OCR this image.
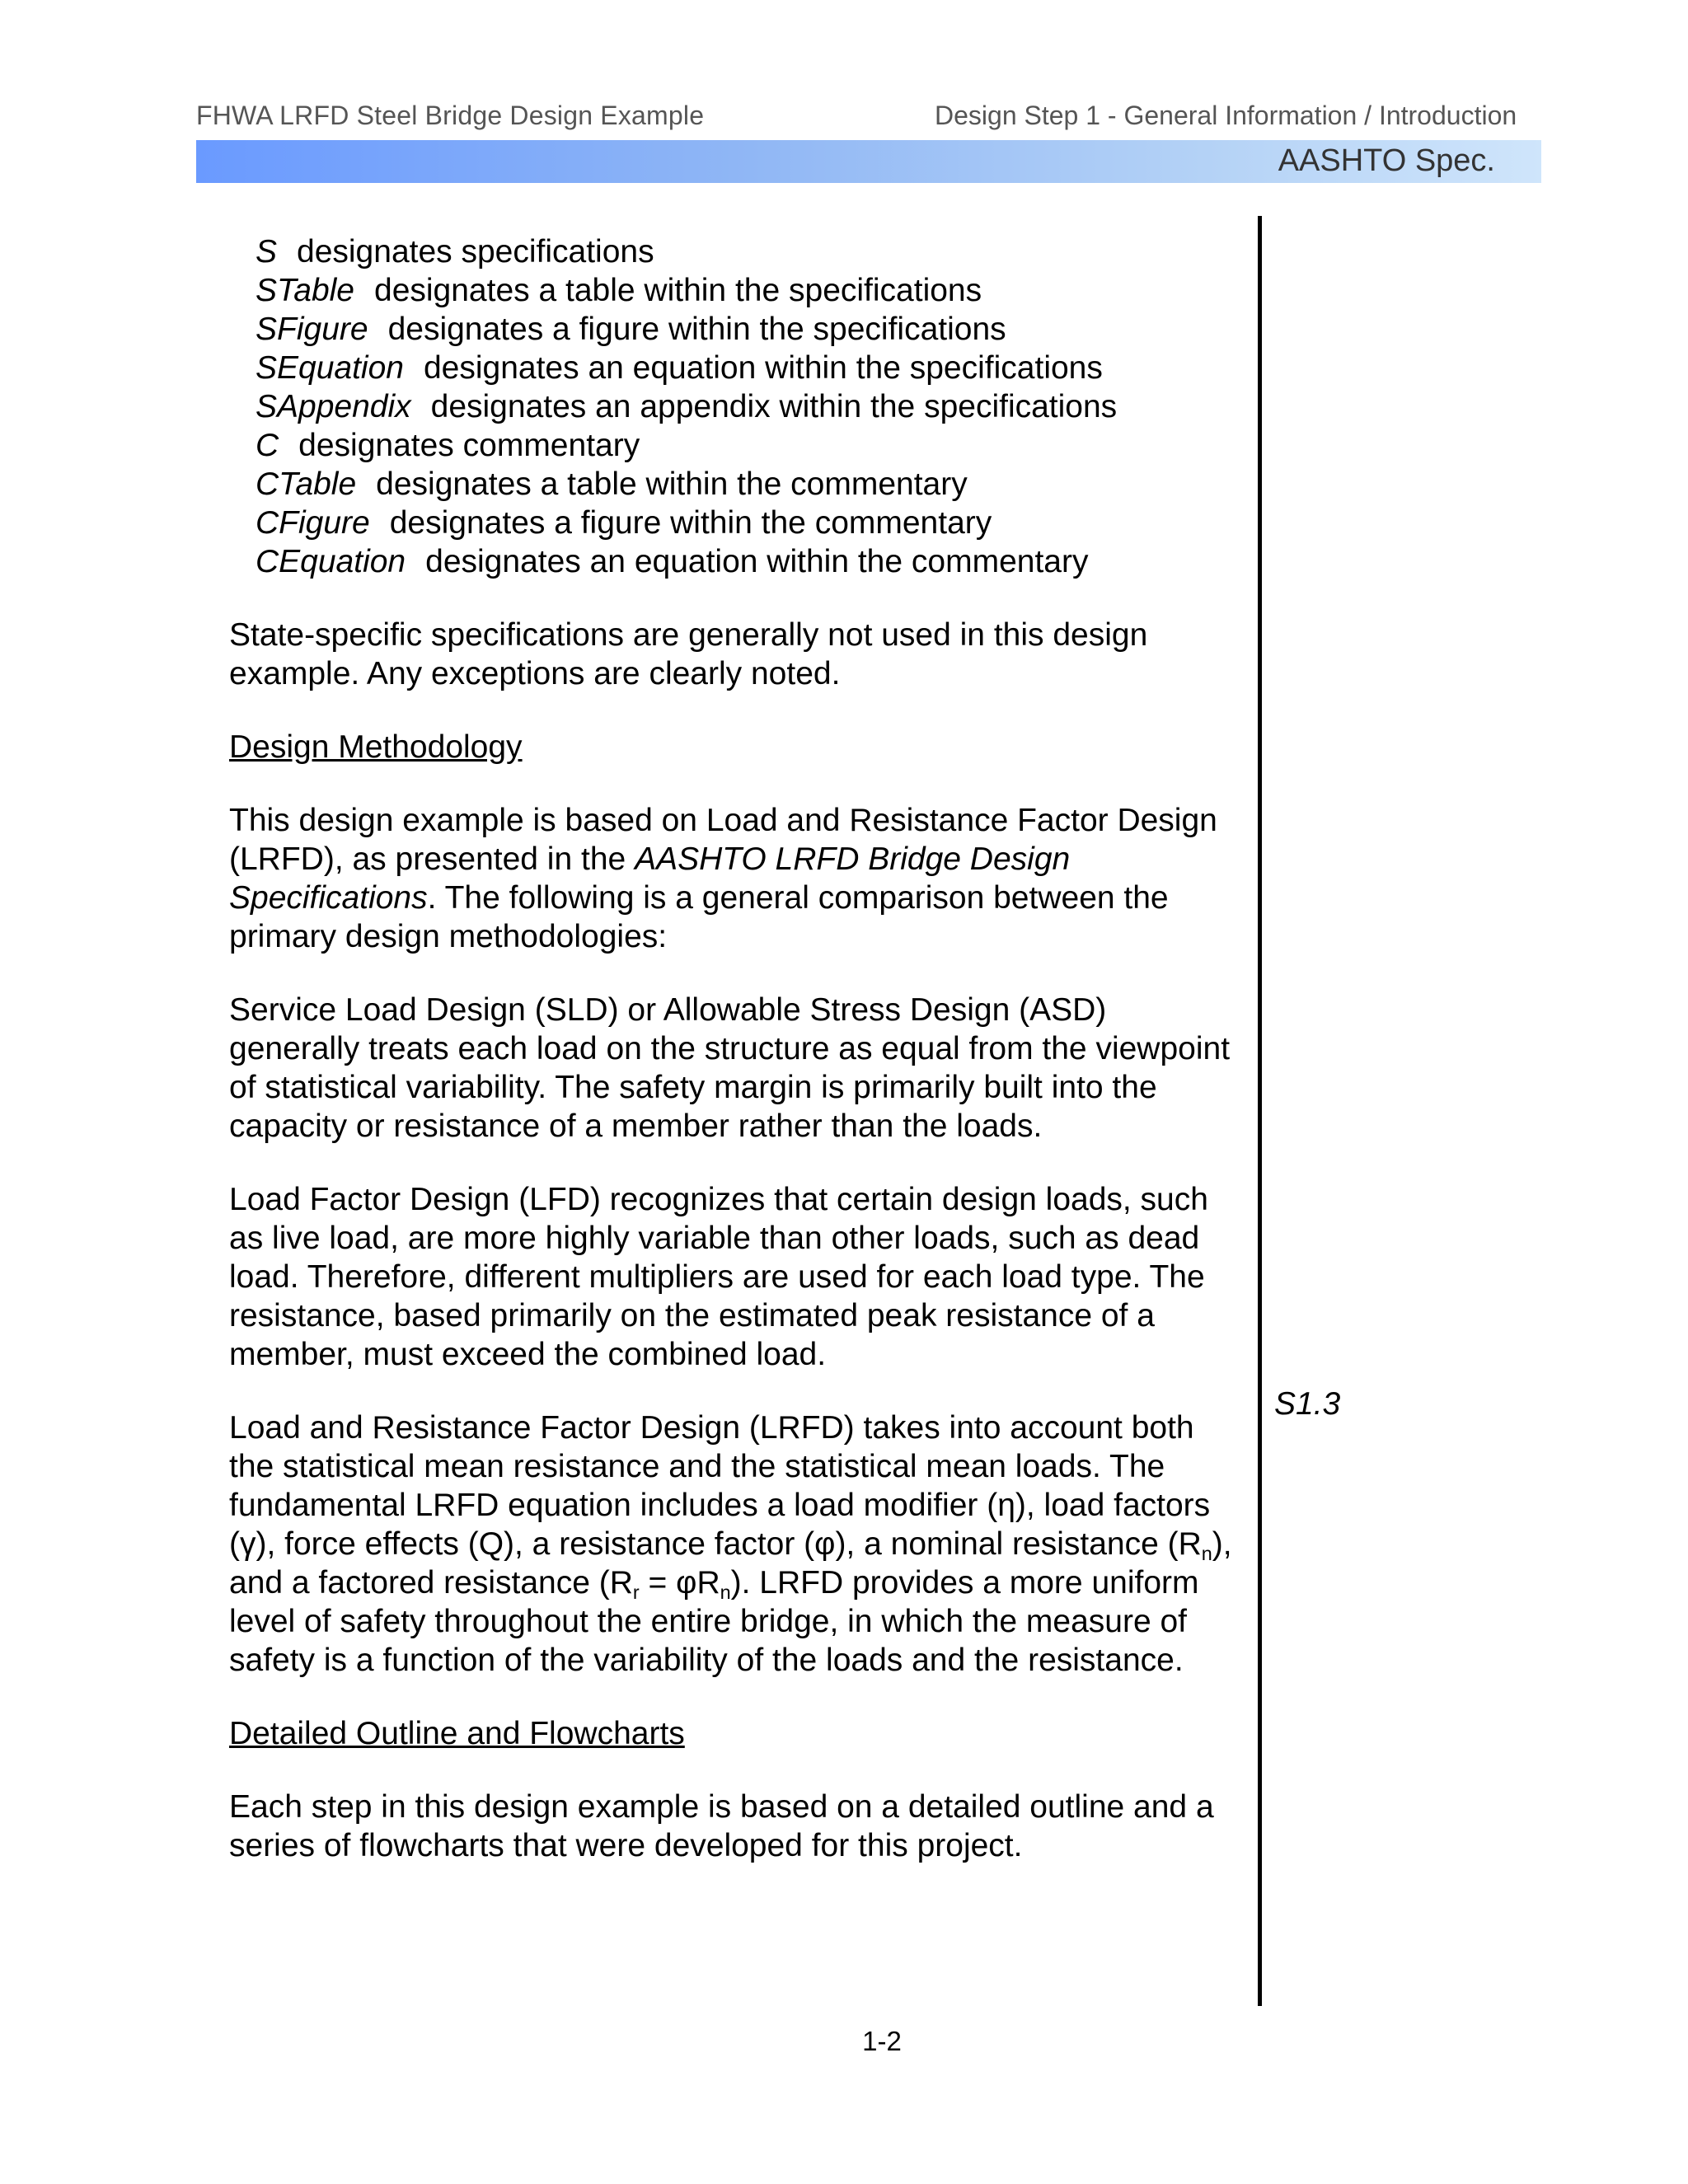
FHWA LRFD Steel Bridge Design Example	Design Step 1 - General Information / Introduction
AASHTO Spec.
S designates specifications
STable designates a table within the specifications
SFigure designates a figure within the specifications
SEquation designates an equation within the specifications
SAppendix designates an appendix within the specifications
C designates commentary
CTable designates a table within the commentary
CFigure designates a figure within the commentary
CEquation designates an equation within the commentary

State-specific specifications are generally not used in this design example. Any exceptions are clearly noted.

Design Methodology

This design example is based on Load and Resistance Factor Design (LRFD), as presented in the AASHTO LRFD Bridge Design Specifications. The following is a general comparison between the primary design methodologies:

Service Load Design (SLD) or Allowable Stress Design (ASD) generally treats each load on the structure as equal from the viewpoint of statistical variability. The safety margin is primarily built into the capacity or resistance of a member rather than the loads.

Load Factor Design (LFD) recognizes that certain design loads, such as live load, are more highly variable than other loads, such as dead load. Therefore, different multipliers are used for each load type. The resistance, based primarily on the estimated peak resistance of a member, must exceed the combined load.

Load and Resistance Factor Design (LRFD) takes into account both the statistical mean resistance and the statistical mean loads. The fundamental LRFD equation includes a load modifier (η), load factors (γ), force effects (Q), a resistance factor (φ), a nominal resistance $(R_n)$, and a factored resistance $(R_r = \varphi R_n)$. LRFD provides a more uniform level of safety throughout the entire bridge, in which the measure of safety is a function of the variability of the loads and the resistance.

Detailed Outline and Flowcharts

Each step in this design example is based on a detailed outline and a series of flowcharts that were developed for this project.

S1.3
1-2
